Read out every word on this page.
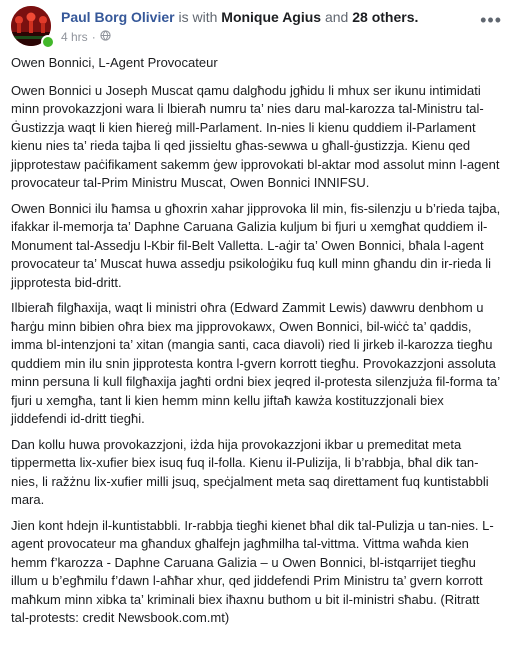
Paul Borg Olivier is with Monique Agius and 28 others.
4 hrs ·
•••

Owen Bonnici, L-Agent Provocateur

Owen Bonnici u Joseph Muscat qamu dalgħodu jgħidu li mhux ser ikunu intimidati minn provokazzjoni wara li lbieraħ numru ta’ nies daru mal-karozza tal-Ministru tal-Ġustizzja waqt li kien ħiereġ mill-Parlament. In-nies li kienu quddiem il-Parlament kienu nies ta’ rieda tajba li qed jissieltu għas-sewwa u għall-ġustizzja. Kienu qed jipprotestaw paċifikament sakemm ġew ipprovokati bl-aktar mod assolut minn l-agent provocateur tal-Prim Ministru Muscat, Owen Bonnici INNIFSU.

Owen Bonnici ilu ħamsa u għoxrin xahar jipprovoka lil min, fis-silenzju u b’rieda tajba, ifakkar il-memorja ta’ Daphne Caruana Galizia kuljum bi fjuri u xemgħat quddiem il-Monument tal-Assedju l-Kbir fil-Belt Valletta. L-aġir ta’ Owen Bonnici, bħala l-agent provocateur ta’ Muscat huwa assedju psikoloġiku fuq kull minn għandu din ir-rieda li jipprotesta bid-dritt.

Ilbieraħ filgħaxija, waqt li ministri oħra (Edward Zammit Lewis) dawwru denbhom u ħarġu minn bibien oħra biex ma jipprovokawx, Owen Bonnici, bil-wiċċ ta’ qaddis, imma bl-intenzjoni ta’ xitan (mangia santi, caca diavoli) ried li jirkeb il-karozza tiegħu quddiem min ilu snin jipprotesta kontra l-gvern korrott tiegħu. Provokazzjoni assoluta minn persuna li kull filgħaxija jagħti ordni biex jeqred il-protesta silenzjuża fil-forma ta’ fjuri u xemgħa, tant li kien hemm minn kellu jiftaħ kawża kostituzzjonali biex jiddefendi id-dritt tiegħi.

Dan kollu huwa provokazzjoni, iżda hija provokazzjoni ikbar u premeditat meta tippermetta lix-xufier biex isuq fuq il-folla. Kienu il-Pulizija, li b’rabbja, bħal dik tan-nies, li ražżnu lix-xufier milli jsuq, speċjalment meta saq direttament fuq kuntistabbli mara.

Jien kont hdejn il-kuntistabbli. Ir-rabbja tiegħi kienet bħal dik tal-Pulizja u tan-nies. L-agent provocateur ma għandux għalfejn jagħmilha tal-vittma. Vittma waħda kien hemm f’karozza - Daphne Caruana Galizia – u Owen Bonnici, bl-istqarrijet tiegħu illum u b’egħmilu f’dawn l-aħħar xhur, qed jiddefendi Prim Ministru ta’ gvern korrott maħkum minn xibka ta’ kriminali biex iħaxnu buthom u bit il-ministri sħabu. (Ritratt tal-protests: credit Newsbook.com.mt)
